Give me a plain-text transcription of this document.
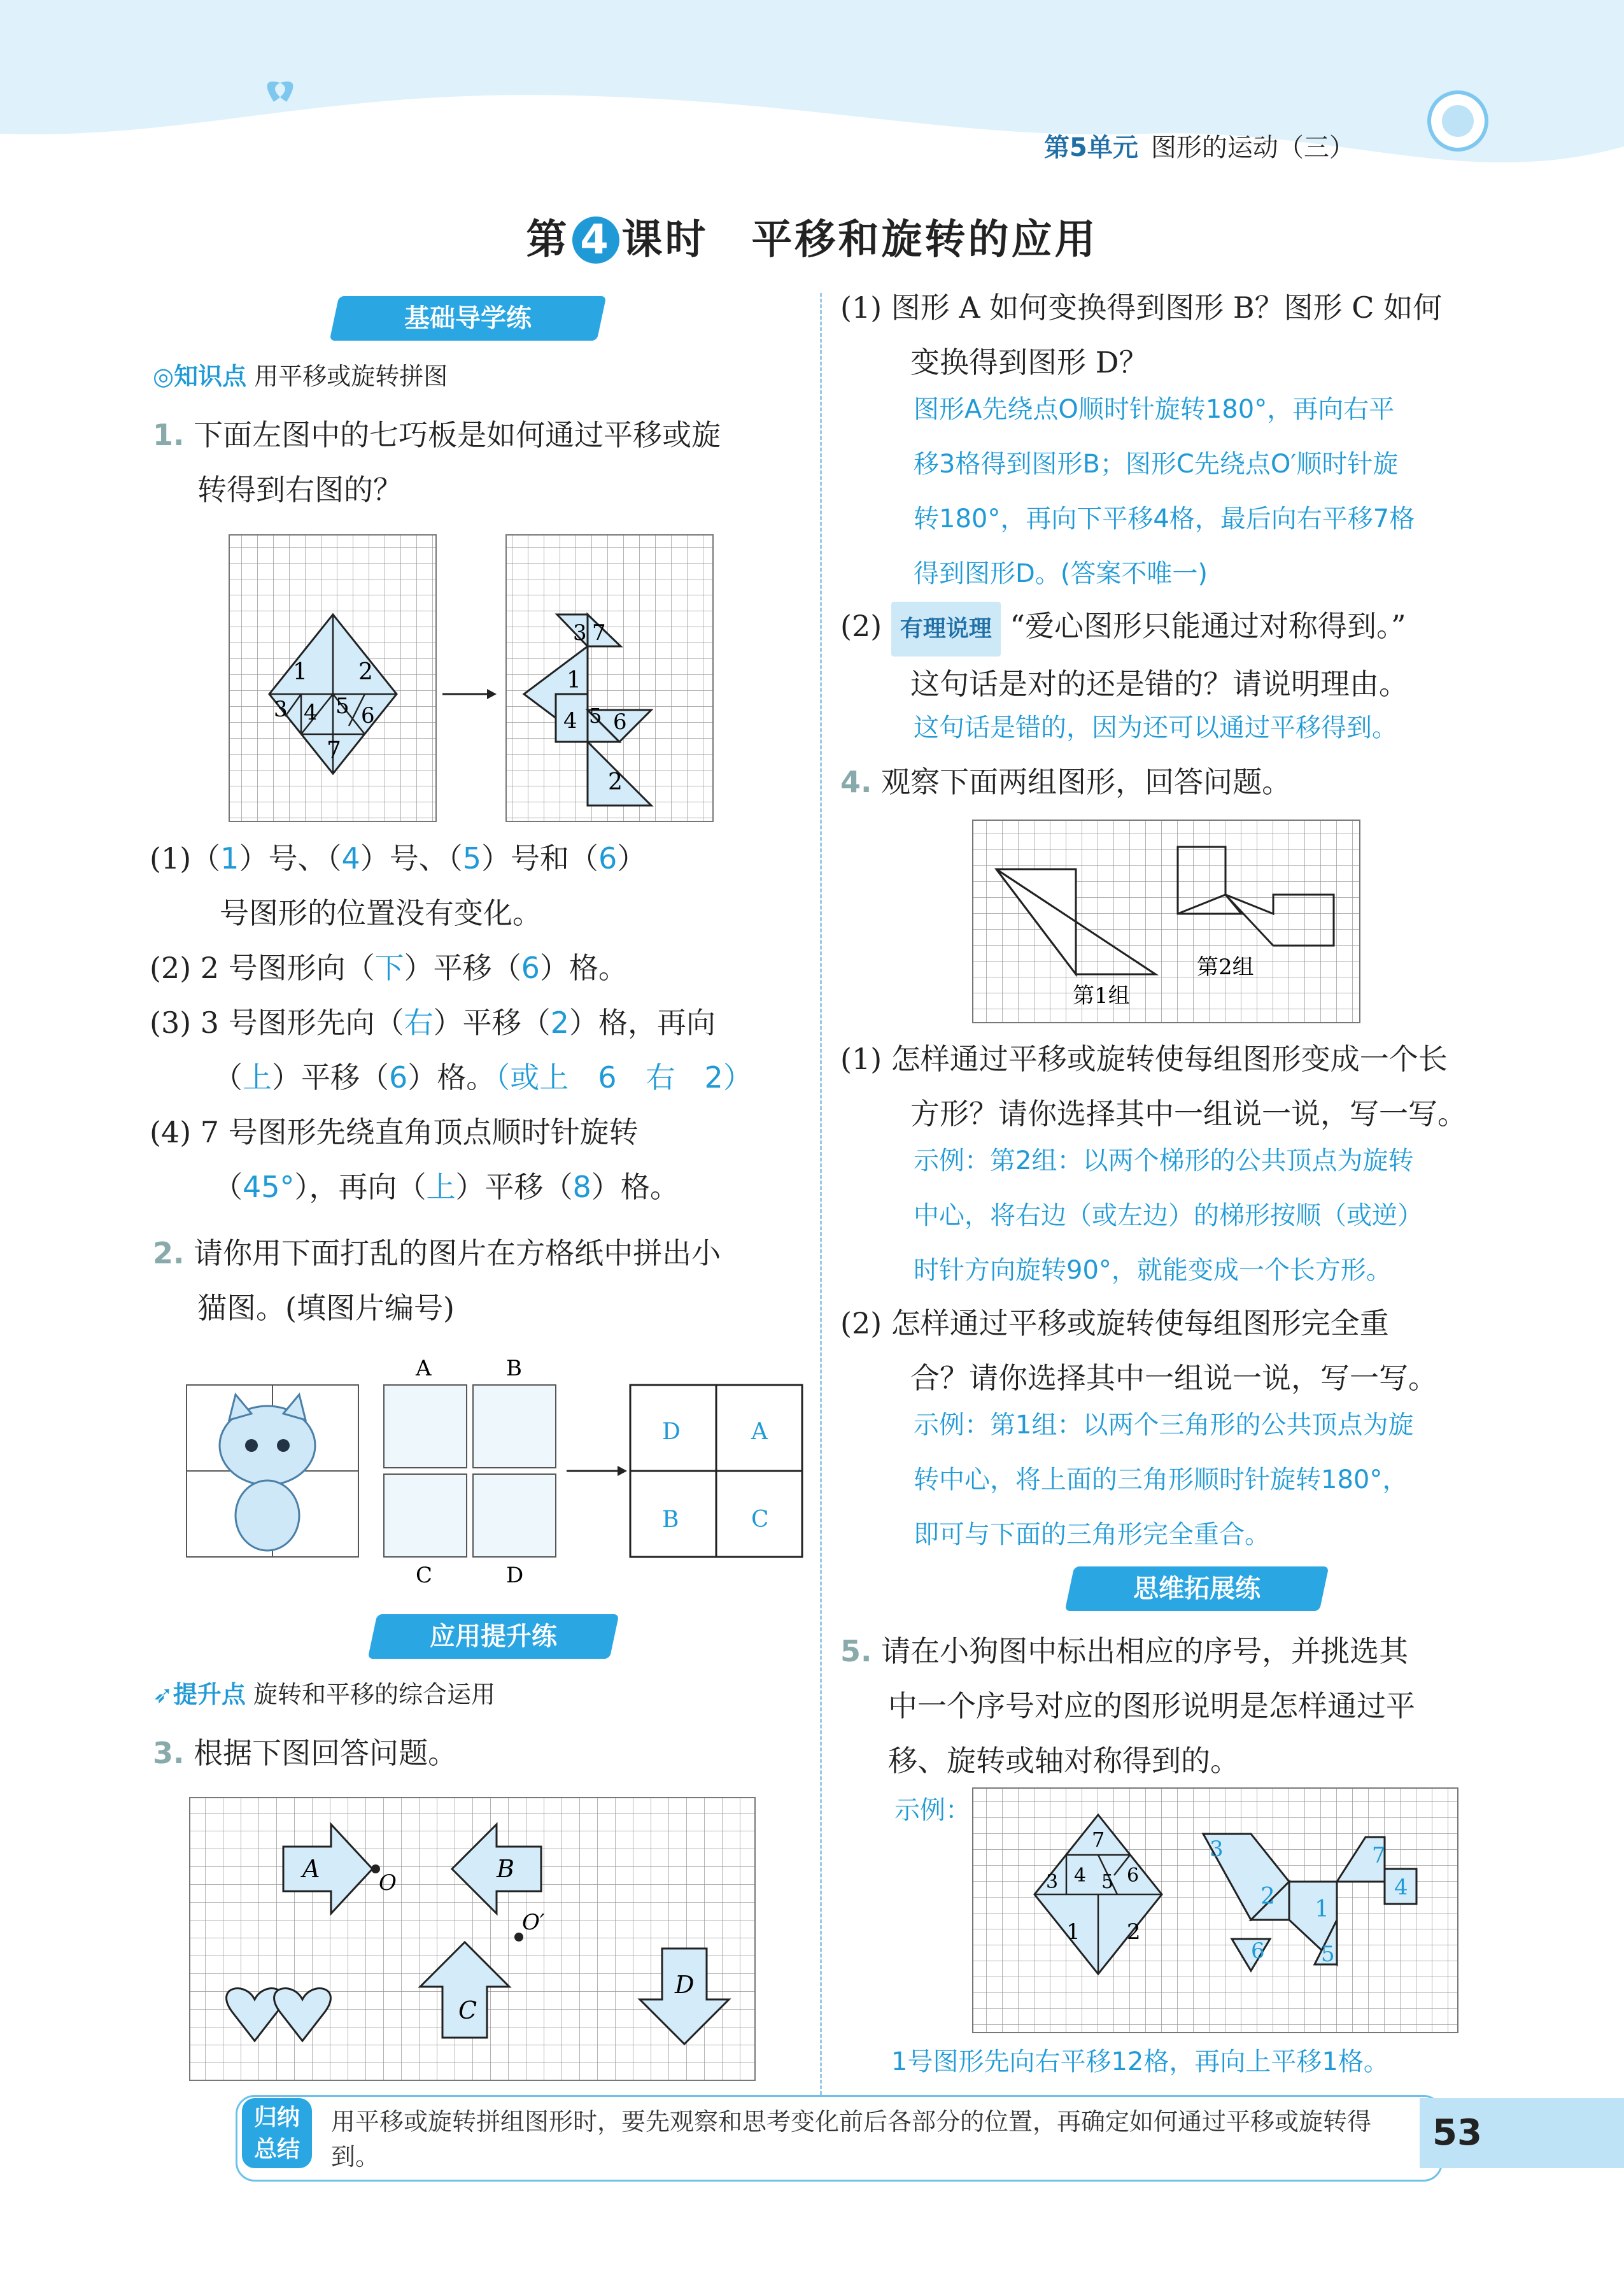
第5单元 图形的运动（三）
第 4 课时　平移和旋转的应用
基础导学练
◎知识点 用平移或旋转拼图
1. 下面左图中的七巧板是如何通过平移或旋
转得到右图的？
1 2
3 4 5 6
7
3 7
1
4 5 6
2
(1)（1）号、（4）号、（5）号和（6）
号图形的位置没有变化。
(2) 2 号图形向（下）平移（6）格。
(3) 3 号图形先向（右）平移（2）格，再向
（上）平移（6）格。（或上　6　右　2）
(4) 7 号图形先绕直角顶点顺时针旋转
（45°），再向（上）平移（8）格。
2. 请你用下面打乱的图片在方格纸中拼出小
猫图。(填图片编号)
A	B
C	D
D	A
B	C
应用提升练
➶提升点 旋转和平移的综合运用
3. 根据下图回答问题。
A	B
C
D
O
O′
(1) 图形 A 如何变换得到图形 B？图形 C 如何
变换得到图形 D？
图形A先绕点O顺时针旋转180°，再向右平
移3格得到图形B；图形C先绕点O′顺时针旋
转180°，再向下平移4格，最后向右平移7格
得到图形D。(答案不唯一)
(2) 有理说理 “爱心图形只能通过对称得到。”
这句话是对的还是错的？请说明理由。
这句话是错的，因为还可以通过平移得到。
4. 观察下面两组图形，回答问题。
第1组
第2组
(1) 怎样通过平移或旋转使每组图形变成一个长
方形？请你选择其中一组说一说，写一写。
示例：第2组：以两个梯形的公共顶点为旋转
中心，将右边（或左边）的梯形按顺（或逆）
时针方向旋转90°，就能变成一个长方形。
(2) 怎样通过平移或旋转使每组图形完全重
合？请你选择其中一组说一说，写一写。
示例：第1组：以两个三角形的公共顶点为旋
转中心，将上面的三角形顺时针旋转180°，
即可与下面的三角形完全重合。
思维拓展练
5. 请在小狗图中标出相应的序号，并挑选其
中一个序号对应的图形说明是怎样通过平
移、旋转或轴对称得到的。
示例：
7
3 4 5 6
1 2
3
2
6
1
5
7
4
1号图形先向右平移12格，再向上平移1格。
归纳
总结
用平移或旋转拼组图形时，要先观察和思考变化前后各部分的位置，再确定如何通过平移或旋转得到。
53
